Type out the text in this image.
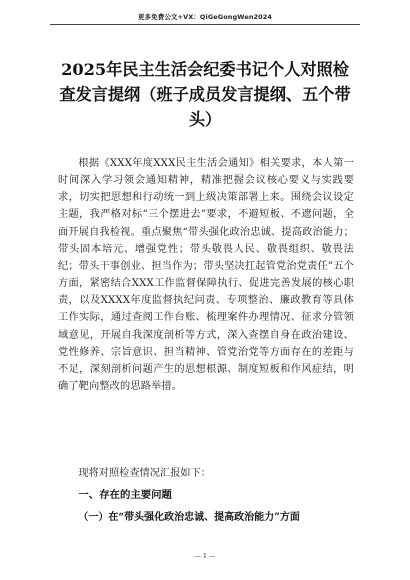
更多免费公文+VX：QiGeGongWen2024
2025年民主生活会纪委书记个人对照检查发言提纲（班子成员发言提纲、五个带头）

根据《XXX年度XXX民主生活会通知》相关要求，本人第一时间深入学习领会通知精神，精准把握会议核心要义与实践要求，切实把思想和行动统一到上级决策部署上来。围绕会议设定主题，我严格对标“三个摆进去”要求，不避短板、不遮问题，全面开展自我检视。重点聚焦“带头强化政治忠诚、提高政治能力；带头固本培元、增强党性；带头敬畏人民、敬畏组织、敬畏法纪；带头干事创业、担当作为；带头坚决扛起管党治党责任”五个方面，紧密结合XXX工作监督保障执行、促进完善发展的核心职责，以及XXXX年度监督执纪问责、专项整治、廉政教育等具体工作实际，通过查阅工作台账、梳理案件办理情况、征求分管领域意见，开展自我深度剖析等方式，深入查摆自身在政治建设、党性修养、宗旨意识、担当精神、管党治党等方面存在的差距与不足，深刻剖析问题产生的思想根源、制度短板和作风症结，明确了靶向整改的思路举措。

现将对照检查情况汇报如下：

一、存在的主要问题

（一）在“带头强化政治忠诚、提高政治能力”方面

— 1 —
